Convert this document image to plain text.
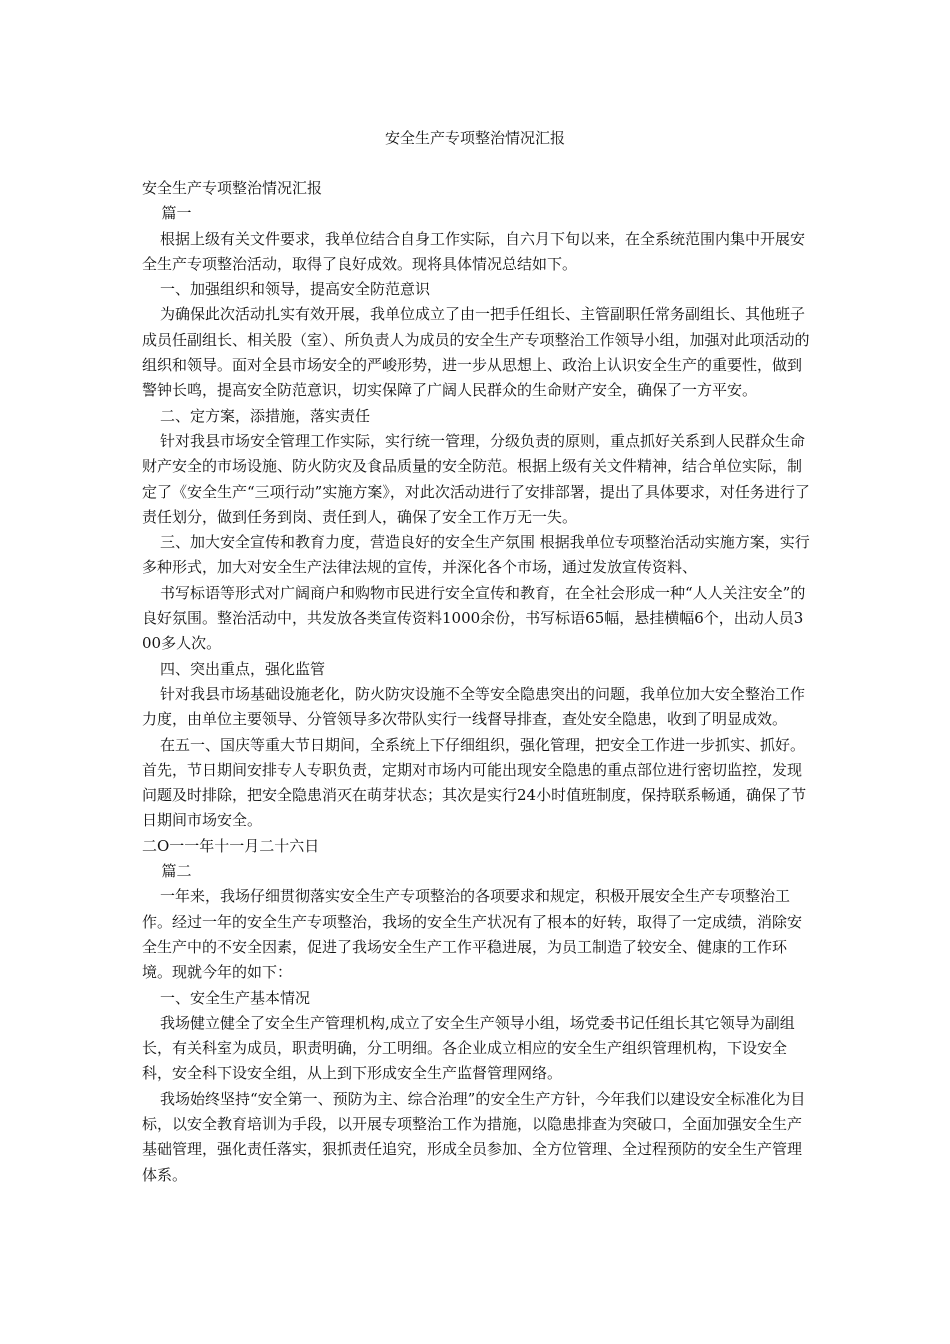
安全生产专项整治情况汇报

安全生产专项整治情况汇报

篇一

根据上级有关文件要求，我单位结合自身工作实际，自六月下旬以来，在全系统范围内集中开展安全生产专项整治活动，取得了良好成效。现将具体情况总结如下。

一、加强组织和领导，提高安全防范意识

为确保此次活动扎实有效开展，我单位成立了由一把手任组长、主管副职任常务副组长、其他班子成员任副组长、相关股（室）、所负责人为成员的安全生产专项整治工作领导小组，加强对此项活动的组织和领导。面对全县市场安全的严峻形势，进一步从思想上、政治上认识安全生产的重要性，做到警钟长鸣，提高安全防范意识，切实保障了广阔人民群众的生命财产安全，确保了一方平安。

二、定方案，添措施，落实责任

针对我县市场安全管理工作实际，实行统一管理，分级负责的原则，重点抓好关系到人民群众生命财产安全的市场设施、防火防灾及食品质量的安全防范。根据上级有关文件精神，结合单位实际，制定了《安全生产“三项行动”实施方案》，对此次活动进行了安排部署，提出了具体要求，对任务进行了责任划分，做到任务到岗、责任到人，确保了安全工作万无一失。

三、加大安全宣传和教育力度，营造良好的安全生产氛围 根据我单位专项整治活动实施方案，实行多种形式，加大对安全生产法律法规的宣传，并深化各个市场，通过发放宣传资料、

书写标语等形式对广阔商户和购物市民进行安全宣传和教育，在全社会形成一种“人人关注安全”的良好氛围。整治活动中，共发放各类宣传资料1000余份，书写标语65幅，悬挂横幅6个，出动人员300多人次。

四、突出重点，强化监管

针对我县市场基础设施老化，防火防灾设施不全等安全隐患突出的问题，我单位加大安全整治工作力度，由单位主要领导、分管领导多次带队实行一线督导排查，查处安全隐患，收到了明显成效。

在五一、国庆等重大节日期间，全系统上下仔细组织，强化管理，把安全工作进一步抓实、抓好。首先，节日期间安排专人专职负责，定期对市场内可能出现安全隐患的重点部位进行密切监控，发现问题及时排除，把安全隐患消灭在萌芽状态；其次是实行24小时值班制度，保持联系畅通，确保了节日期间市场安全。

二O一一年十一月二十六日

篇二

一年来，我场仔细贯彻落实安全生产专项整治的各项要求和规定，积极开展安全生产专项整治工作。经过一年的安全生产专项整治，我场的安全生产状况有了根本的好转，取得了一定成绩，消除安全生产中的不安全因素，促进了我场安全生产工作平稳进展，为员工制造了较安全、健康的工作环境。现就今年的如下：

一、安全生产基本情况

我场健立健全了安全生产管理机构,成立了安全生产领导小组，场党委书记任组长其它领导为副组长，有关科室为成员，职责明确，分工明细。各企业成立相应的安全生产组织管理机构，下设安全科，安全科下设安全组，从上到下形成安全生产监督管理网络。

我场始终坚持“安全第一、预防为主、综合治理”的安全生产方针，今年我们以建设安全标准化为目标，以安全教育培训为手段，以开展专项整治工作为措施，以隐患排查为突破口，全面加强安全生产基础管理，强化责任落实，狠抓责任追究，形成全员参加、全方位管理、全过程预防的安全生产管理体系。
